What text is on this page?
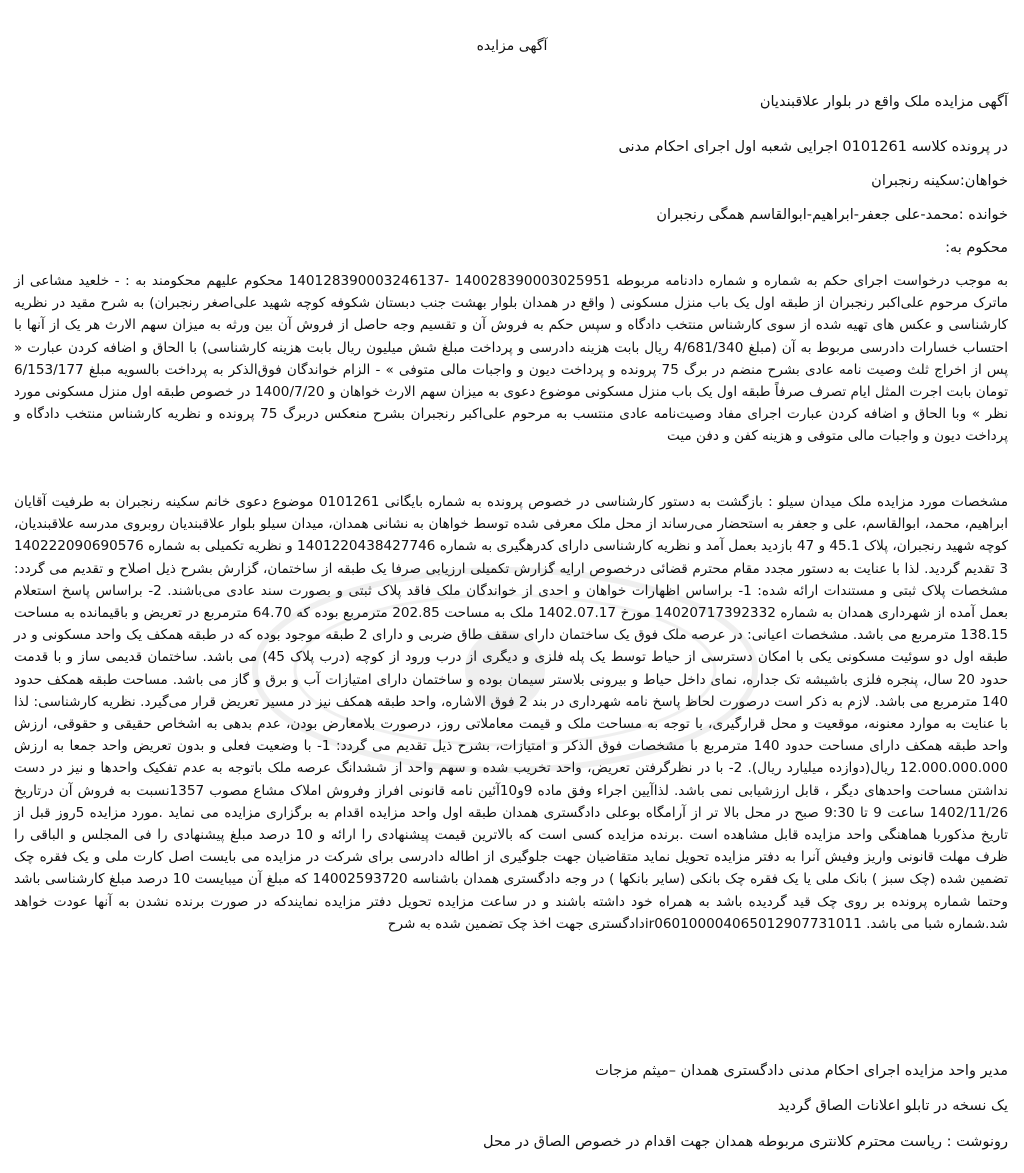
آگهی مزایده
آگهی مزایده ملک واقع در بلوار علاقبندیان
در پرونده کلاسه 0101261 اجرایی شعبه اول اجرای احکام مدنی
خواهان:سکینه رنجبران
خوانده :محمد-علی جعفر-ابراهیم-ابوالقاسم همگی رنجبران
محکوم به:

به موجب درخواست اجرای حکم به شماره و شماره دادنامه مربوطه 140028390003025951 -140128390003246137 محکوم علیهم محکومند به : - خلعید مشاعی از ماترک مرحوم علی‌اکبر رنجبران از طبقه اول یک باب منزل مسکونی ( واقع در همدان بلوار بهشت جنب دبستان شکوفه کوچه شهید علی‌اصغر رنجبران) به شرح مقید در نظریه کارشناسی و عکس های تهیه شده از سوی کارشناس منتخب دادگاه و سپس حکم به فروش آن و تقسیم وجه حاصل از فروش آن بین ورثه به میزان سهم الارث هر یک از آنها با احتساب خسارات دادرسی مربوط به آن (مبلغ 4/681/340 ریال بابت هزینه دادرسی و پرداخت مبلغ شش میلیون ریال بابت هزینه کارشناسی) با الحاق و اضافه کردن عبارت « پس از اخراج ثلث وصیت نامه عادی بشرح منضم در برگ 75 پرونده و پرداخت دیون و واجبات مالی متوفی » - الزام خواندگان فوق‌الذکر به پرداخت بالسویه مبلغ 6/153/177 تومان بابت اجرت المثل ایام تصرف صرفاً طبقه اول یک باب منزل مسکونی موضوع دعوی به میزان سهم الارث خواهان و 1400/7/20 در خصوص طبقه اول منزل مسکونی مورد نظر » وبا الحاق و اضافه کردن عبارت اجرای مفاد وصیت‌نامه عادی منتسب به مرحوم علی‌اکبر رنجبران بشرح منعکس دربرگ 75 پرونده و نظریه کارشناس منتخب دادگاه و پرداخت دیون و واجبات مالی متوفی و هزینه کفن و دفن میت

مشخصات مورد مزایده ملک میدان سیلو : بازگشت به دستور کارشناسی در خصوص پرونده به شماره بایگانی 0101261 موضوع دعوی خانم سکینه رنجبران به طرفیت آقایان ابراهیم، محمد، ابوالقاسم، علی و جعفر به استحضار می‌رساند از محل ملک معرفی شده توسط خواهان به نشانی همدان، میدان سیلو بلوار علاقبندیان روبروی مدرسه علاقبندیان، کوچه شهید رنجبران، پلاک 45.1 و 47 بازدید بعمل آمد و نظریه کارشناسی دارای کدرهگیری به شماره 140122043842774​6 و نظریه تکمیلی به شماره 140222090690576​3 تقدیم گردید. لذا با عنایت به دستور مجدد مقام محترم قضائی درخصوص ارایه گزارش تکمیلی ارزیابی صرفا یک طبقه از ساختمان، گزارش بشرح ذیل اصلاح و تقدیم می گردد: مشخصات پلاک ثبتی و مستندات ارائه شده: 1- براساس اظهارات خواهان و احدی از خواندگان ملک فاقد پلاک ثبتی و بصورت سند عادی می‌باشند. 2- براساس پاسخ استعلام بعمل آمده از شهرداری همدان به شماره 14020717392332 مورخ 1402.07.17 ملک به مساحت 202.85 مترمربع بوده که 64.70 مترمربع در تعریض و باقیمانده به مساحت 138.15 مترمربع می باشد. مشخصات اعیانی: در عرصه ملک فوق یک ساختمان دارای سقف طاق ضربی و دارای 2 طبقه موجود بوده که در طبقه همکف یک واحد مسکونی و در طبقه اول دو سوئیت مسکونی یکی با امکان دسترسی از حیاط توسط یک پله فلزی و دیگری از درب ورود از کوچه (درب پلاک 45) می باشد. ساختمان قدیمی ساز و با قدمت حدود 20 سال، پنجره فلزی باشیشه تک جداره، نمای داخل حیاط و بیرونی بلاستر سیمان بوده و ساختمان دارای امتیازات آب و برق و گاز می باشد. مساحت طبقه همکف حدود 140 مترمربع می باشد. لازم به ذکر است درصورت لحاظ پاسخ نامه شهرداری در بند 2 فوق الاشاره، واحد طبقه همکف نیز در مسیر تعریض قرار می‌گیرد. نظریه کارشناسی: لذا با عنایت به موارد معنونه، موقعیت و محل قرارگیری، با توجه به مساحت ملک و قیمت معاملاتی روز، درصورت بلامعارض بودن، عدم بدهی به اشخاص حقیقی و حقوقی، ارزش واحد طبقه همکف دارای مساحت حدود 140 مترمربع با مشخصات فوق الذکر و امتیازات، بشرح ذیل تقدیم می گردد: 1- با وضعیت فعلی و بدون تعریض واحد جمعا به ارزش 12.000.000.000 ریال(دوازده میلیارد ریال). 2- با در نظرگرفتن تعریض، واحد تخریب شده و سهم واحد از ششدانگ عرصه ملک باتوجه به عدم تفکیک واحدها و نیز در دست نداشتن مساحت واحدهای دیگر ، قابل ارزشیابی نمی باشد. لذاآیین اجراء وفق ماده 9و10آئین نامه قانونی افراز وفروش املاک مشاع مصوب 1357نسبت به فروش آن درتاریخ 1402/11/26 ساعت 9 تا 9:30 صبح در محل بالا تر از آرامگاه بوعلی دادگستری همدان طبقه اول واحد مزایده اقدام به برگزاری مزایده می نماید .مورد مزایده 5روز قبل از تاریخ مذکوربا هماهنگی واحد مزایده قابل مشاهده است .برنده مزایده کسی است که بالاترین قیمت پیشنهادی را ارائه و 10 درصد مبلغ پیشنهادی را فی المجلس و الباقی را ظرف مهلت قانونی واریز وفیش آنرا به دفتر مزایده تحویل نماید متقاضیان جهت جلوگیری از اطاله دادرسی برای شرکت در مزایده می بایست اصل کارت ملی و یک فقره چک تضمین شده (چک سبز ) بانک ملی یا یک فقره چک بانکی (سایر بانکها ) در وجه دادگستری همدان باشناسه 14002593720 که مبلغ آن میبایست 10 درصد مبلغ کارشناسی باشد وحتما شماره پرونده بر روی چک قید گردیده باشد به همراه خود داشته باشند و در ساعت مزایده تحویل دفتر مزایده نمایندکه در صورت برنده نشدن به آنها عودت خواهد شد.شماره شبا می باشد. ir060100004065012907731011دادگستری جهت اخذ چک تضمین شده به شرح

مدیر واحد مزایده اجرای احکام مدنی دادگستری همدان –میثم مزجات
یک نسخه در تابلو اعلانات الصاق گردید
رونوشت : ریاست محترم کلانتری مربوطه همدان جهت اقدام در خصوص الصاق در محل
